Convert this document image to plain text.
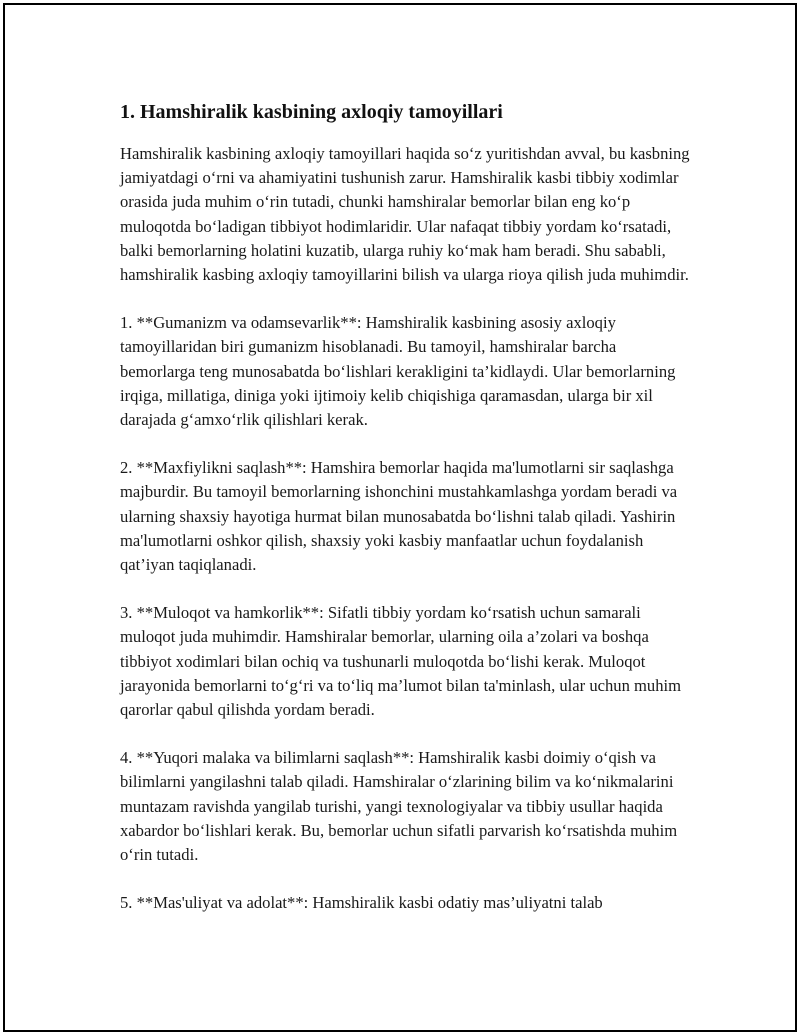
1. Hamshiralik kasbining axloqiy tamoyillari

Hamshiralik kasbining axloqiy tamoyillari haqida so‘z yuritishdan avval, bu kasbning jamiyatdagi o‘rni va ahamiyatini tushunish zarur. Hamshiralik kasbi tibbiy xodimlar orasida juda muhim o‘rin tutadi, chunki hamshiralar bemorlar bilan eng ko‘p muloqotda bo‘ladigan tibbiyot hodimlaridir. Ular nafaqat tibbiy yordam ko‘rsatadi, balki bemorlarning holatini kuzatib, ularga ruhiy ko‘mak ham beradi. Shu sababli, hamshiralik kasbing axloqiy tamoyillarini bilish va ularga rioya qilish juda muhimdir.

1. **Gumanizm va odamsevarlik**: Hamshiralik kasbining asosiy axloqiy tamoyillaridan biri gumanizm hisoblanadi. Bu tamoyil, hamshiralar barcha bemorlarga teng munosabatda bo‘lishlari kerakligini ta’kidlaydi. Ular bemorlarning irqiga, millatiga, diniga yoki ijtimoiy kelib chiqishiga qaramasdan, ularga bir xil darajada g‘amxo‘rlik qilishlari kerak.

2. **Maxfiylikni saqlash**: Hamshira bemorlar haqida ma'lumotlarni sir saqlashga majburdir. Bu tamoyil bemorlarning ishonchini mustahkamlashga yordam beradi va ularning shaxsiy hayotiga hurmat bilan munosabatda bo‘lishni talab qiladi. Yashirin ma'lumotlarni oshkor qilish, shaxsiy yoki kasbiy manfaatlar uchun foydalanish qat’iyan taqiqlanadi.

3. **Muloqot va hamkorlik**: Sifatli tibbiy yordam ko‘rsatish uchun samarali muloqot juda muhimdir. Hamshiralar bemorlar, ularning oila a’zolari va boshqa tibbiyot xodimlari bilan ochiq va tushunarli muloqotda bo‘lishi kerak. Muloqot jarayonida bemorlarni to‘g‘ri va to‘liq ma’lumot bilan ta'minlash, ular uchun muhim qarorlar qabul qilishda yordam beradi.

4. **Yuqori malaka va bilimlarni saqlash**: Hamshiralik kasbi doimiy o‘qish va bilimlarni yangilashni talab qiladi. Hamshiralar o‘zlarining bilim va ko‘nikmalarini muntazam ravishda yangilab turishi, yangi texnologiyalar va tibbiy usullar haqida xabardor bo‘lishlari kerak. Bu, bemorlar uchun sifatli parvarish ko‘rsatishda muhim o‘rin tutadi.

5. **Mas'uliyat va adolat**: Hamshiralik kasbi odatiy mas’uliyatni talab
